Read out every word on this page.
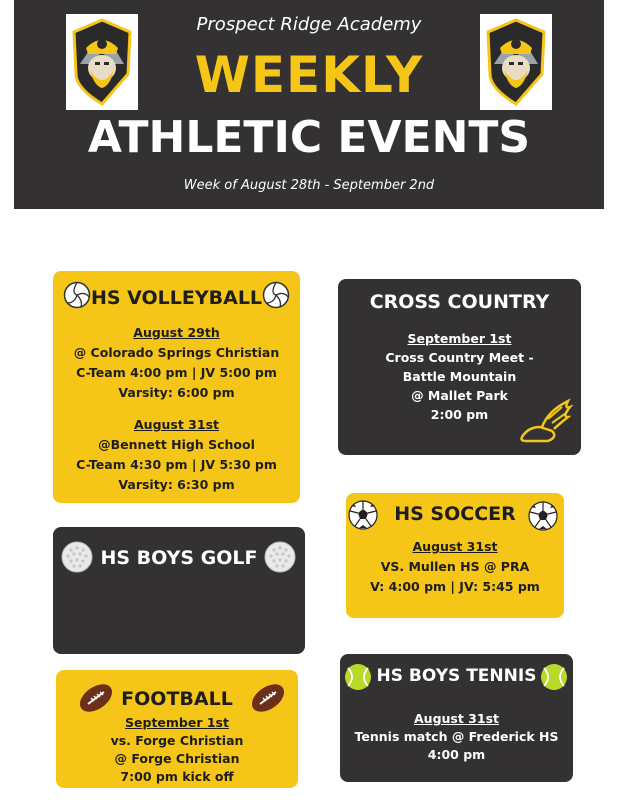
Prospect Ridge Academy
WEEKLY
ATHLETIC EVENTS
Week of August 28th - September 2nd
HS VOLLEYBALL
August 29th
@ Colorado Springs Christian
C-Team 4:00 pm | JV 5:00 pm
Varsity: 6:00 pm
August 31st
@Bennett High School
C-Team 4:30 pm | JV 5:30 pm
Varsity: 6:30 pm
CROSS COUNTRY
September 1st
Cross Country Meet -
Battle Mountain
@ Mallet Park
2:00 pm
HS BOYS GOLF
HS SOCCER
August 31st
VS. Mullen HS @ PRA
V: 4:00 pm | JV: 5:45 pm
FOOTBALL
September 1st
vs. Forge Christian
@ Forge Christian
7:00 pm kick off
HS BOYS TENNIS
August 31st
Tennis match @ Frederick HS
4:00 pm
